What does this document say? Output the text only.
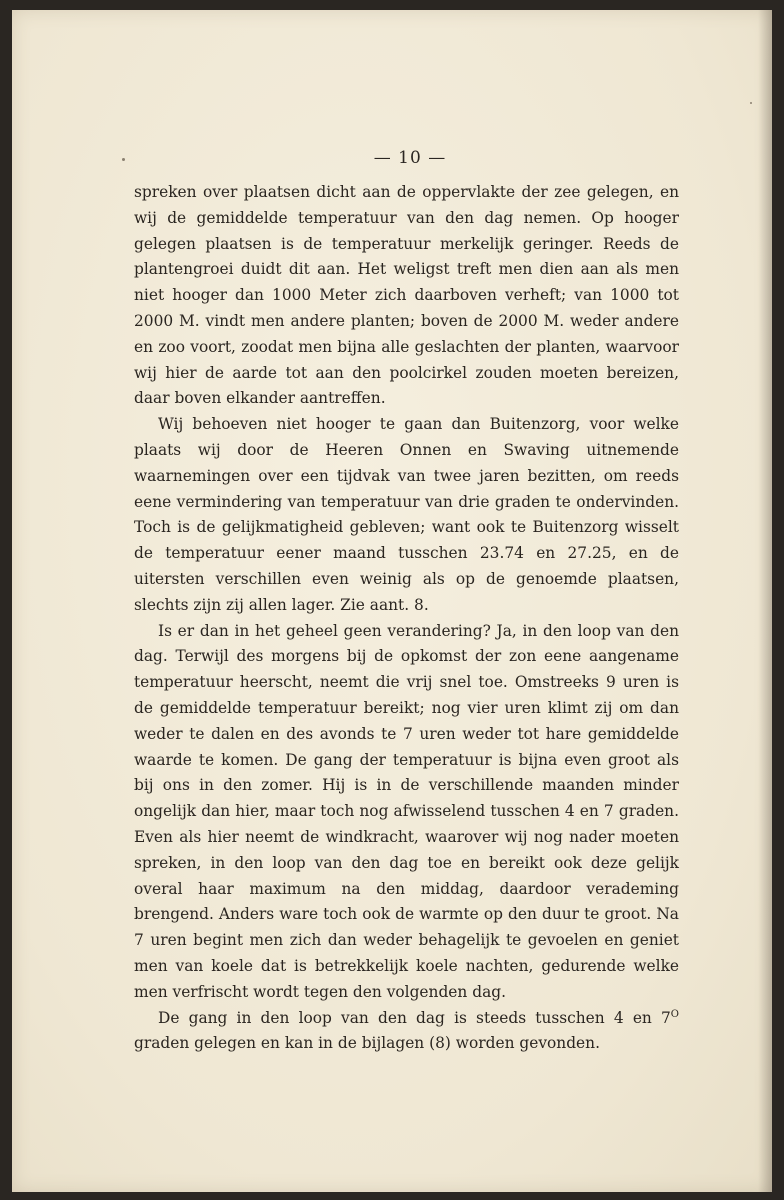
— 10 —

spreken over plaatsen dicht aan de oppervlakte der zee gelegen, en wij de gemiddelde temperatuur van den dag nemen. Op hooger gelegen plaatsen is de temperatuur merkelijk geringer. Reeds de plantengroei duidt dit aan. Het weligst treft men dien aan als men niet hooger dan 1000 Meter zich daarboven verheft; van 1000 tot 2000 M. vindt men andere planten; boven de 2000 M. weder andere en zoo voort, zoodat men bijna alle geslachten der planten, waarvoor wij hier de aarde tot aan den poolcirkel zouden moeten bereizen, daar boven elkander aantreffen.

Wij behoeven niet hooger te gaan dan Buitenzorg, voor welke plaats wij door de Heeren Onnen en Swaving uitnemende waarnemingen over een tijdvak van twee jaren bezitten, om reeds eene vermindering van temperatuur van drie graden te ondervinden. Toch is de gelijkmatigheid gebleven; want ook te Buitenzorg wisselt de temperatuur eener maand tusschen 23.74 en 27.25, en de uitersten verschillen even weinig als op de genoemde plaatsen, slechts zijn zij allen lager. Zie aant. 8.

Is er dan in het geheel geen verandering? Ja, in den loop van den dag. Terwijl des morgens bij de opkomst der zon eene aangename temperatuur heerscht, neemt die vrij snel toe. Omstreeks 9 uren is de gemiddelde temperatuur bereikt; nog vier uren klimt zij om dan weder te dalen en des avonds te 7 uren weder tot hare gemiddelde waarde te komen. De gang der temperatuur is bijna even groot als bij ons in den zomer. Hij is in de verschillende maanden minder ongelijk dan hier, maar toch nog afwisselend tusschen 4 en 7 graden. Even als hier neemt de windkracht, waarover wij nog nader moeten spreken, in den loop van den dag toe en bereikt ook deze gelijk overal haar maximum na den middag, daardoor verademing brengend. Anders ware toch ook de warmte op den duur te groot. Na 7 uren begint men zich dan weder behagelijk te gevoelen en geniet men van koele dat is betrekkelijk koele nachten, gedurende welke men verfrischt wordt tegen den volgenden dag.

De gang in den loop van den dag is steeds tusschen 4 en $7^O$ graden gelegen en kan in de bijlagen (8) worden gevonden.
